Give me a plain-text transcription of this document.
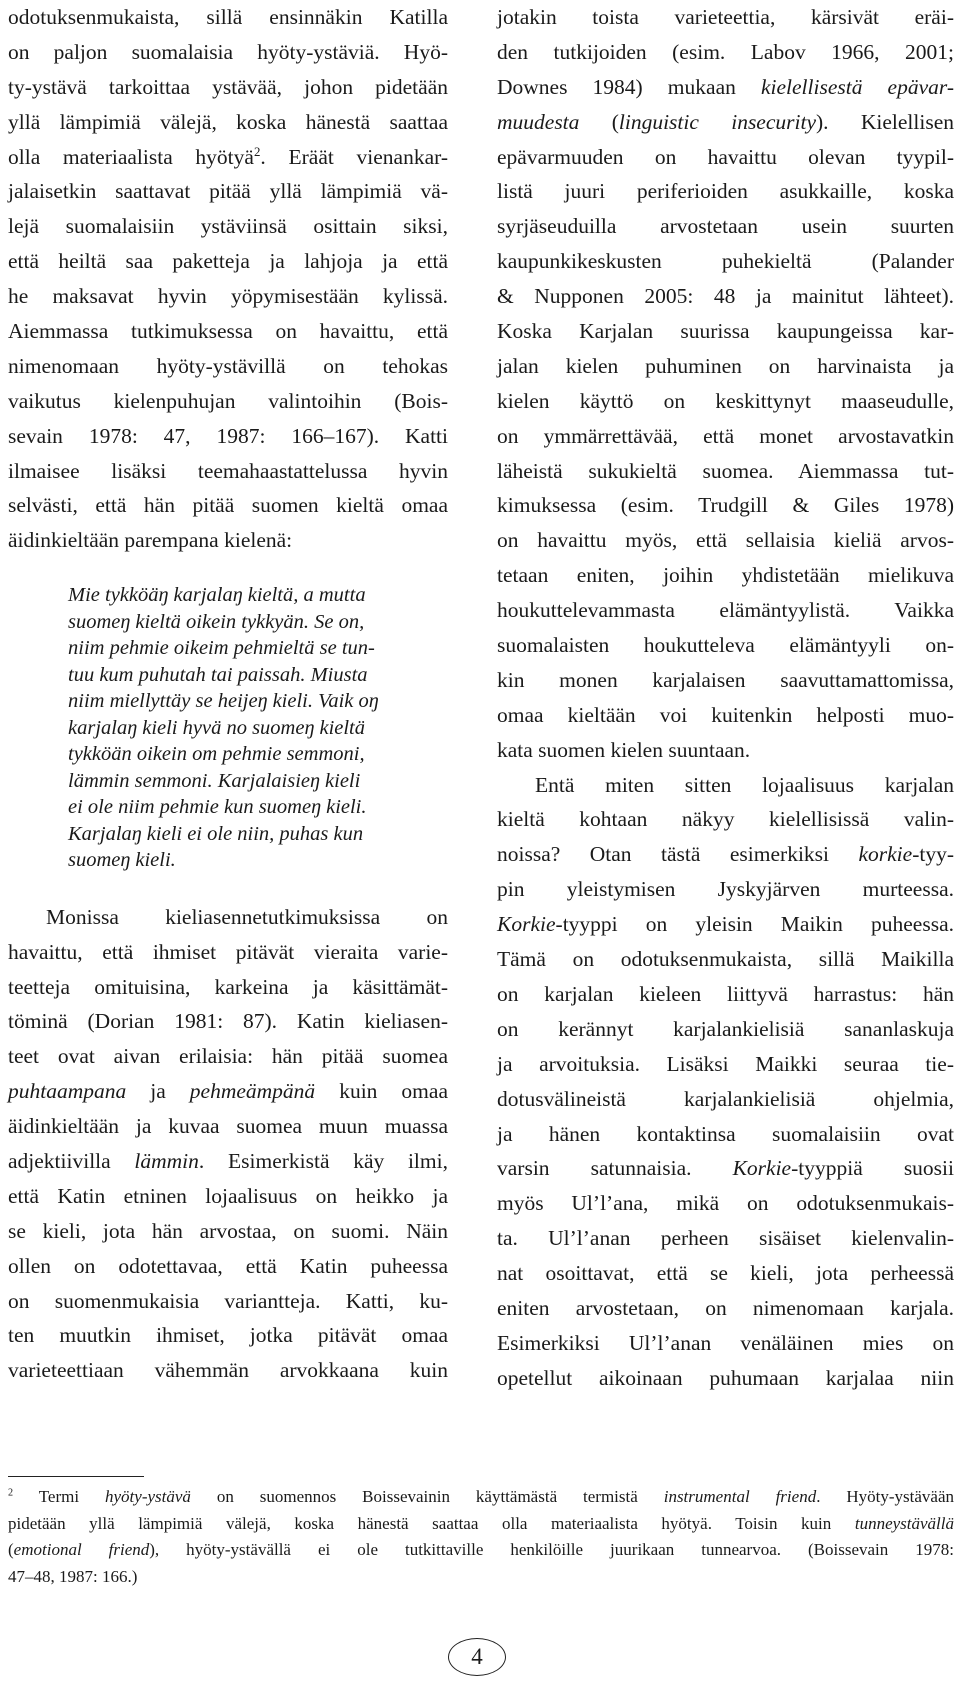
odotuksenmukaista, sillä ensinnäkin Katilla
on paljon suomalaisia hyöty-ystäviä. Hyö-
ty-ystävä tarkoittaa ystävää, johon pidetään
yllä lämpimiä välejä, koska hänestä saattaa
olla materiaalista hyötyä$^2$. Eräät vienankar-
jalaisetkin saattavat pitää yllä lämpimiä vä-
lejä suomalaisiin ystäviinsä osittain siksi,
että heiltä saa paketteja ja lahjoja ja että
he maksavat hyvin yöpymisestään kylissä.
Aiemmassa tutkimuksessa on havaittu, että
nimenomaan hyöty-ystävillä on tehokas
vaikutus kielenpuhujan valintoihin (Bois-
sevain 1978: 47, 1987: 166–167). Katti
ilmaisee lisäksi teemahaastattelussa hyvin
selvästi, että hän pitää suomen kieltä omaa
äidinkieltään parempana kielenä:
Mie tykköäŋ karjalaŋ kieltä, a mutta
suomeŋ kieltä oikein tykkyän. Se on,
niim pehmie oikeim pehmieltä se tun-
tuu kum puhutah tai paissah. Miusta
niim miellyttäy se heijeŋ kieli. Vaik oŋ
karjalaŋ kieli hyvä no suomeŋ kieltä
tykköän oikein om pehmie semmoni,
lämmin semmoni. Karjalaisieŋ kieli
ei ole niim pehmie kun suomeŋ kieli.
Karjalaŋ kieli ei ole niin, puhas kun
suomeŋ kieli.
Monissa kieliasennetutkimuksissa on
havaittu, että ihmiset pitävät vieraita varie-
teetteja omituisina, karkeina ja käsittämät-
töminä (Dorian 1981: 87). Katin kieliasen-
teet ovat aivan erilaisia: hän pitää suomea
puhtaampana ja pehmeämpänä kuin omaa
äidinkieltään ja kuvaa suomea muun muassa
adjektiivilla lämmin. Esimerkistä käy ilmi,
että Katin etninen lojaalisuus on heikko ja
se kieli, jota hän arvostaa, on suomi. Näin
ollen on odotettavaa, että Katin puheessa
on suomenmukaisia variantteja. Katti, ku-
ten muutkin ihmiset, jotka pitävät omaa
varieteettiaan vähemmän arvokkaana kuin
jotakin toista varieteettia, kärsivät eräi-
den tutkijoiden (esim. Labov 1966, 2001;
Downes 1984) mukaan kielellisestä epävar-
muudesta (linguistic insecurity). Kielellisen
epävarmuuden on havaittu olevan tyypil-
listä juuri periferioiden asukkaille, koska
syrjäseuduilla arvostetaan usein suurten
kaupunkikeskusten puhekieltä (Palander
& Nupponen 2005: 48 ja mainitut lähteet).
Koska Karjalan suurissa kaupungeissa kar-
jalan kielen puhuminen on harvinaista ja
kielen käyttö on keskittynyt maaseudulle,
on ymmärrettävää, että monet arvostavatkin
läheistä sukukieltä suomea. Aiemmassa tut-
kimuksessa (esim. Trudgill & Giles 1978)
on havaittu myös, että sellaisia kieliä arvos-
tetaan eniten, joihin yhdistetään mielikuva
houkuttelevammasta elämäntyylistä. Vaikka
suomalaisten houkutteleva elämäntyyli on-
kin monen karjalaisen saavuttamattomissa,
omaa kieltään voi kuitenkin helposti muo-
kata suomen kielen suuntaan.
Entä miten sitten lojaalisuus karjalan
kieltä kohtaan näkyy kielellisissä valin-
noissa? Otan tästä esimerkiksi korkie-tyy-
pin yleistymisen Jyskyjärven murteessa.
Korkie-tyyppi on yleisin Maikin puheessa.
Tämä on odotuksenmukaista, sillä Maikilla
on karjalan kieleen liittyvä harrastus: hän
on kerännyt karjalankielisiä sananlaskuja
ja arvoituksia. Lisäksi Maikki seuraa tie-
dotusvälineistä karjalankielisiä ohjelmia,
ja hänen kontaktinsa suomalaisiin ovat
varsin satunnaisia. Korkie-tyyppiä suosii
myös Ul’l’ana, mikä on odotuksenmukais-
ta. Ul’l’anan perheen sisäiset kielenvalin-
nat osoittavat, että se kieli, jota perheessä
eniten arvostetaan, on nimenomaan karjala.
Esimerkiksi Ul’l’anan venäläinen mies on
opetellut aikoinaan puhumaan karjalaa niin
$^2$ Termi hyöty-ystävä on suomennos Boissevainin käyttämästä termistä instrumental friend. Hyöty-ystävään
pidetään yllä lämpimiä välejä, koska hänestä saattaa olla materiaalista hyötyä. Toisin kuin tunneystävällä
(emotional friend), hyöty-ystävällä ei ole tutkittaville henkilöille juurikaan tunnearvoa. (Boissevain 1978:
47–48, 1987: 166.)
4
